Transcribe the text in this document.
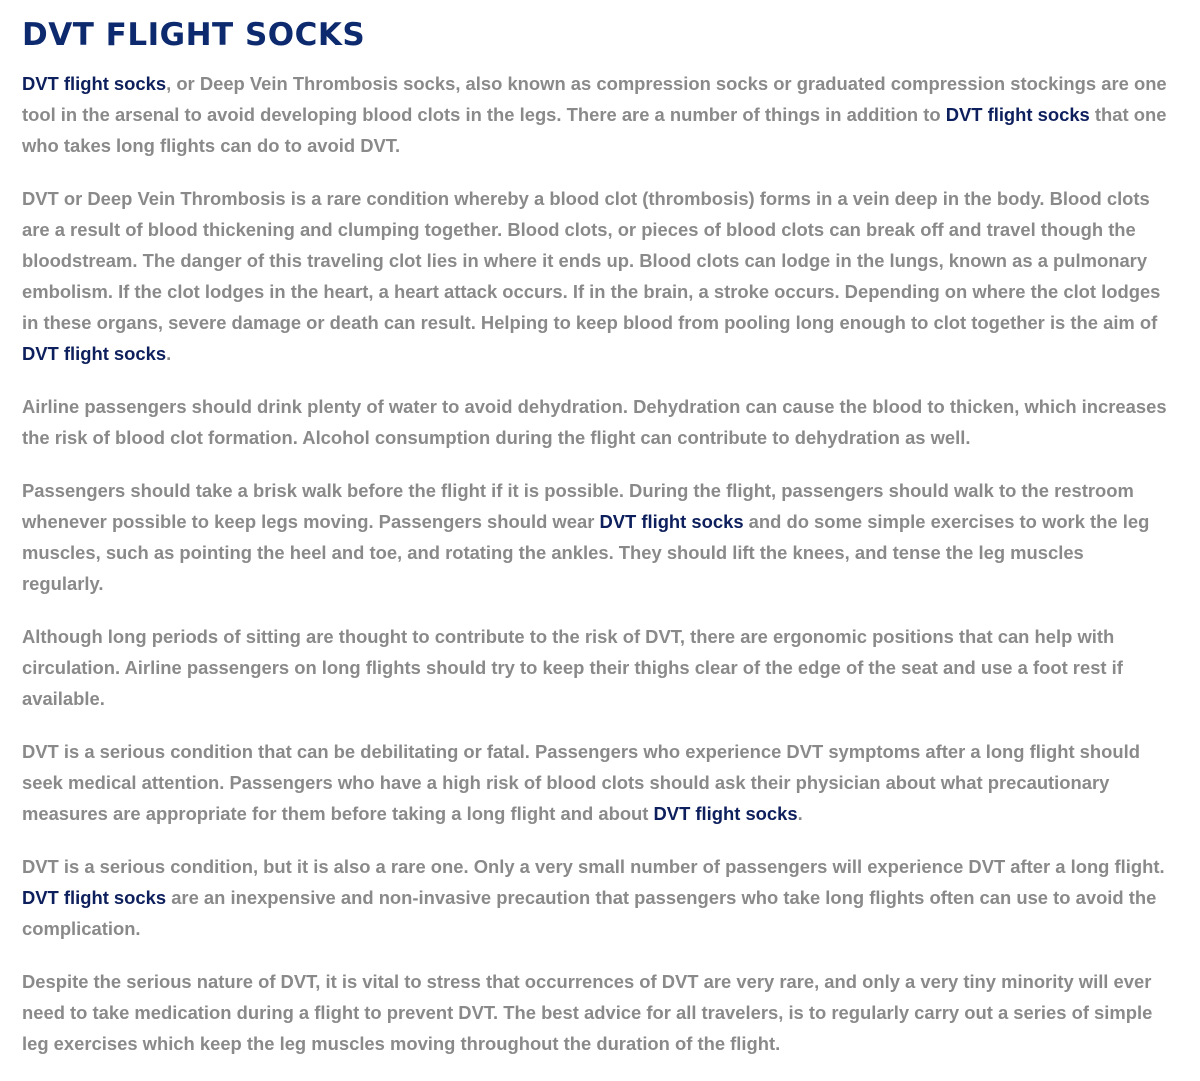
DVT FLIGHT SOCKS

DVT flight socks, or Deep Vein Thrombosis socks, also known as compression socks or graduated compression stockings are one tool in the arsenal to avoid developing blood clots in the legs. There are a number of things in addition to DVT flight socks that one who takes long flights can do to avoid DVT.

DVT or Deep Vein Thrombosis is a rare condition whereby a blood clot (thrombosis) forms in a vein deep in the body. Blood clots are a result of blood thickening and clumping together. Blood clots, or pieces of blood clots can break off and travel though the bloodstream. The danger of this traveling clot lies in where it ends up. Blood clots can lodge in the lungs, known as a pulmonary embolism. If the clot lodges in the heart, a heart attack occurs. If in the brain, a stroke occurs. Depending on where the clot lodges in these organs, severe damage or death can result. Helping to keep blood from pooling long enough to clot together is the aim of DVT flight socks.

Airline passengers should drink plenty of water to avoid dehydration. Dehydration can cause the blood to thicken, which increases the risk of blood clot formation. Alcohol consumption during the flight can contribute to dehydration as well.

Passengers should take a brisk walk before the flight if it is possible. During the flight, passengers should walk to the restroom whenever possible to keep legs moving. Passengers should wear DVT flight socks and do some simple exercises to work the leg muscles, such as pointing the heel and toe, and rotating the ankles. They should lift the knees, and tense the leg muscles regularly.

Although long periods of sitting are thought to contribute to the risk of DVT, there are ergonomic positions that can help with circulation. Airline passengers on long flights should try to keep their thighs clear of the edge of the seat and use a foot rest if available.

DVT is a serious condition that can be debilitating or fatal. Passengers who experience DVT symptoms after a long flight should seek medical attention. Passengers who have a high risk of blood clots should ask their physician about what precautionary measures are appropriate for them before taking a long flight and about DVT flight socks.

DVT is a serious condition, but it is also a rare one. Only a very small number of passengers will experience DVT after a long flight. DVT flight socks are an inexpensive and non-invasive precaution that passengers who take long flights often can use to avoid the complication.

Despite the serious nature of DVT, it is vital to stress that occurrences of DVT are very rare, and only a very tiny minority will ever need to take medication during a flight to prevent DVT. The best advice for all travelers, is to regularly carry out a series of simple leg exercises which keep the leg muscles moving throughout the duration of the flight.
